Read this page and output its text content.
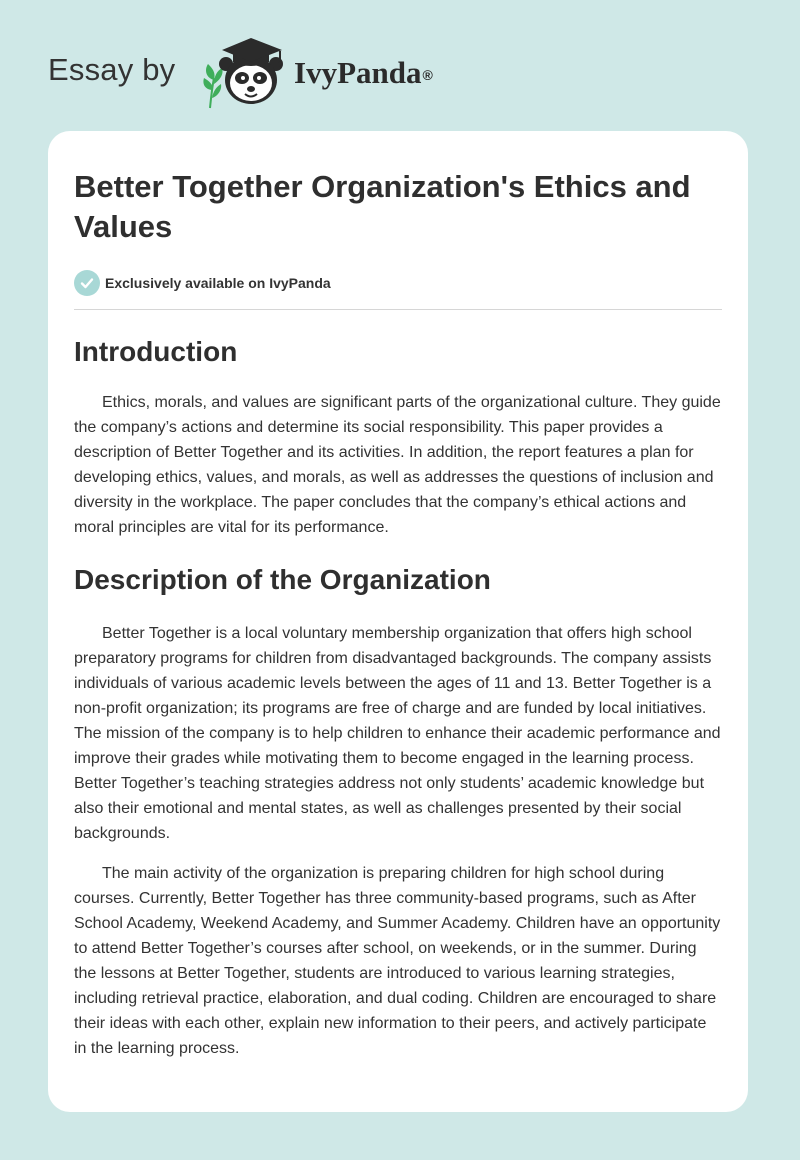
Essay by	IvyPanda®
Better Together Organization's Ethics and Values
Exclusively available on IvyPanda
Introduction

Ethics, morals, and values are significant parts of the organizational culture. They guide the company’s actions and determine its social responsibility. This paper provides a description of Better Together and its activities. In addition, the report features a plan for developing ethics, values, and morals, as well as addresses the questions of inclusion and diversity in the workplace. The paper concludes that the company’s ethical actions and moral principles are vital for its performance.

Description of the Organization

Better Together is a local voluntary membership organization that offers high school preparatory programs for children from disadvantaged backgrounds. The company assists individuals of various academic levels between the ages of 11 and 13. Better Together is a non-profit organization; its programs are free of charge and are funded by local initiatives. The mission of the company is to help children to enhance their academic performance and improve their grades while motivating them to become engaged in the learning process. Better Together’s teaching strategies address not only students’ academic knowledge but also their emotional and mental states, as well as challenges presented by their social backgrounds.

The main activity of the organization is preparing children for high school during courses. Currently, Better Together has three community-based programs, such as After School Academy, Weekend Academy, and Summer Academy. Children have an opportunity to attend Better Together’s courses after school, on weekends, or in the summer. During the lessons at Better Together, students are introduced to various learning strategies, including retrieval practice, elaboration, and dual coding. Children are encouraged to share their ideas with each other, explain new information to their peers, and actively participate in the learning process.
